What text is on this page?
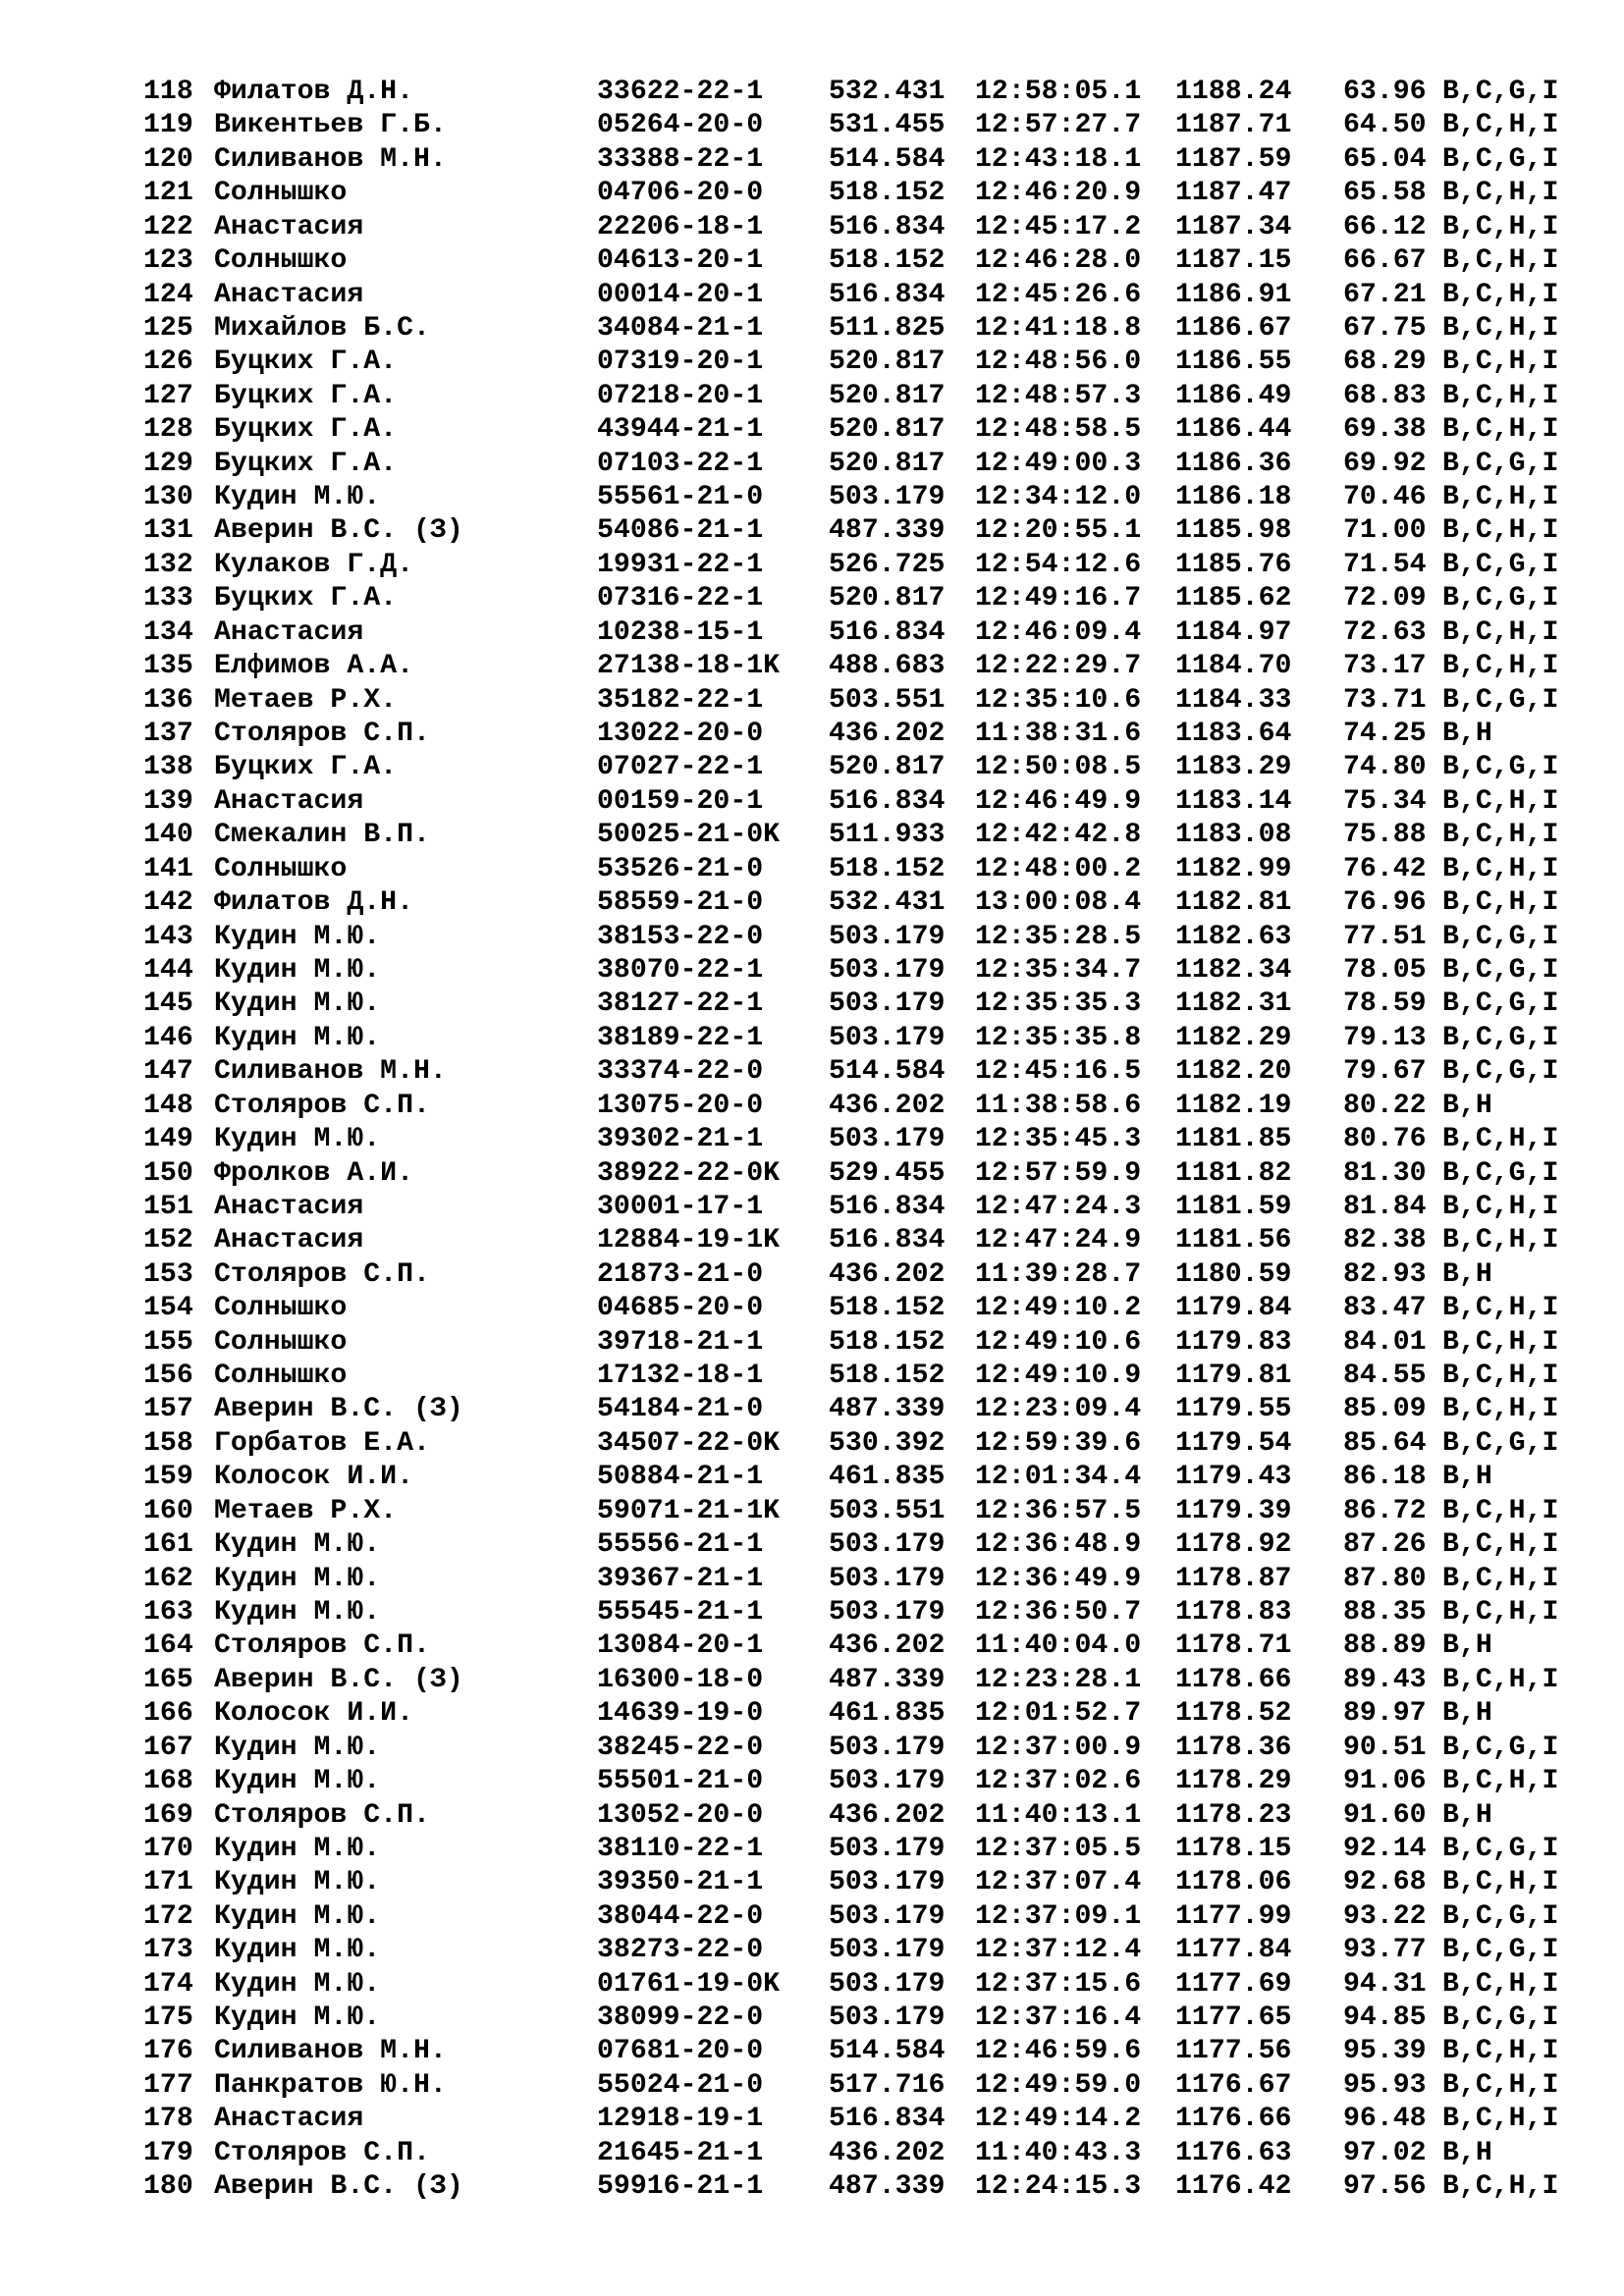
118 Филатов Д.Н.	33622-22-1 532.431 12:58:05.1 1188.24 63.96 B,C,G,I
119 Викентьев Г.Б.	05264-20-0 531.455 12:57:27.7 1187.71 64.50 B,C,H,I
120 Силиванов М.Н.	33388-22-1 514.584 12:43:18.1 1187.59 65.04 B,C,G,I
121 Солнышко	04706-20-0 518.152 12:46:20.9 1187.47 65.58 B,C,H,I
122 Анастасия	22206-18-1 516.834 12:45:17.2 1187.34 66.12 B,C,H,I
123 Солнышко	04613-20-1 518.152 12:46:28.0 1187.15 66.67 B,C,H,I
124 Анастасия	00014-20-1 516.834 12:45:26.6 1186.91 67.21 B,C,H,I
125 Михайлов Б.С.	34084-21-1 511.825 12:41:18.8 1186.67 67.75 B,C,H,I
126 Буцких Г.А.	07319-20-1 520.817 12:48:56.0 1186.55 68.29 B,C,H,I
127 Буцких Г.А.	07218-20-1 520.817 12:48:57.3 1186.49 68.83 B,C,H,I
128 Буцких Г.А.	43944-21-1 520.817 12:48:58.5 1186.44 69.38 B,C,H,I
129 Буцких Г.А.	07103-22-1 520.817 12:49:00.3 1186.36 69.92 B,C,G,I
130 Кудин М.Ю.	55561-21-0 503.179 12:34:12.0 1186.18 70.46 B,C,H,I
131 Аверин В.С. (З)	54086-21-1 487.339 12:20:55.1 1185.98 71.00 B,C,H,I
132 Кулаков Г.Д.	19931-22-1 526.725 12:54:12.6 1185.76 71.54 B,C,G,I
133 Буцких Г.А.	07316-22-1 520.817 12:49:16.7 1185.62 72.09 B,C,G,I
134 Анастасия	10238-15-1 516.834 12:46:09.4 1184.97 72.63 B,C,H,I
135 Елфимов А.А.	27138-18-1K 488.683 12:22:29.7 1184.70 73.17 B,C,H,I
136 Метаев Р.Х.	35182-22-1 503.551 12:35:10.6 1184.33 73.71 B,C,G,I
137 Столяров С.П.	13022-20-0 436.202 11:38:31.6 1183.64 74.25 B,H
138 Буцких Г.А.	07027-22-1 520.817 12:50:08.5 1183.29 74.80 B,C,G,I
139 Анастасия	00159-20-1 516.834 12:46:49.9 1183.14 75.34 B,C,H,I
140 Смекалин В.П.	50025-21-0K 511.933 12:42:42.8 1183.08 75.88 B,C,H,I
141 Солнышко	53526-21-0 518.152 12:48:00.2 1182.99 76.42 B,C,H,I
142 Филатов Д.Н.	58559-21-0 532.431 13:00:08.4 1182.81 76.96 B,C,H,I
143 Кудин М.Ю.	38153-22-0 503.179 12:35:28.5 1182.63 77.51 B,C,G,I
144 Кудин М.Ю.	38070-22-1 503.179 12:35:34.7 1182.34 78.05 B,C,G,I
145 Кудин М.Ю.	38127-22-1 503.179 12:35:35.3 1182.31 78.59 B,C,G,I
146 Кудин М.Ю.	38189-22-1 503.179 12:35:35.8 1182.29 79.13 B,C,G,I
147 Силиванов М.Н.	33374-22-0 514.584 12:45:16.5 1182.20 79.67 B,C,G,I
148 Столяров С.П.	13075-20-0 436.202 11:38:58.6 1182.19 80.22 B,H
149 Кудин М.Ю.	39302-21-1 503.179 12:35:45.3 1181.85 80.76 B,C,H,I
150 Фролков А.И.	38922-22-0K 529.455 12:57:59.9 1181.82 81.30 B,C,G,I
151 Анастасия	30001-17-1 516.834 12:47:24.3 1181.59 81.84 B,C,H,I
152 Анастасия	12884-19-1K 516.834 12:47:24.9 1181.56 82.38 B,C,H,I
153 Столяров С.П.	21873-21-0 436.202 11:39:28.7 1180.59 82.93 B,H
154 Солнышко	04685-20-0 518.152 12:49:10.2 1179.84 83.47 B,C,H,I
155 Солнышко	39718-21-1 518.152 12:49:10.6 1179.83 84.01 B,C,H,I
156 Солнышко	17132-18-1 518.152 12:49:10.9 1179.81 84.55 B,C,H,I
157 Аверин В.С. (З)	54184-21-0 487.339 12:23:09.4 1179.55 85.09 B,C,H,I
158 Горбатов Е.А.	34507-22-0K 530.392 12:59:39.6 1179.54 85.64 B,C,G,I
159 Колосок И.И.	50884-21-1 461.835 12:01:34.4 1179.43 86.18 B,H
160 Метаев Р.Х.	59071-21-1K 503.551 12:36:57.5 1179.39 86.72 B,C,H,I
161 Кудин М.Ю.	55556-21-1 503.179 12:36:48.9 1178.92 87.26 B,C,H,I
162 Кудин М.Ю.	39367-21-1 503.179 12:36:49.9 1178.87 87.80 B,C,H,I
163 Кудин М.Ю.	55545-21-1 503.179 12:36:50.7 1178.83 88.35 B,C,H,I
164 Столяров С.П.	13084-20-1 436.202 11:40:04.0 1178.71 88.89 B,H
165 Аверин В.С. (З)	16300-18-0 487.339 12:23:28.1 1178.66 89.43 B,C,H,I
166 Колосок И.И.	14639-19-0 461.835 12:01:52.7 1178.52 89.97 B,H
167 Кудин М.Ю.	38245-22-0 503.179 12:37:00.9 1178.36 90.51 B,C,G,I
168 Кудин М.Ю.	55501-21-0 503.179 12:37:02.6 1178.29 91.06 B,C,H,I
169 Столяров С.П.	13052-20-0 436.202 11:40:13.1 1178.23 91.60 B,H
170 Кудин М.Ю.	38110-22-1 503.179 12:37:05.5 1178.15 92.14 B,C,G,I
171 Кудин М.Ю.	39350-21-1 503.179 12:37:07.4 1178.06 92.68 B,C,H,I
172 Кудин М.Ю.	38044-22-0 503.179 12:37:09.1 1177.99 93.22 B,C,G,I
173 Кудин М.Ю.	38273-22-0 503.179 12:37:12.4 1177.84 93.77 B,C,G,I
174 Кудин М.Ю.	01761-19-0K 503.179 12:37:15.6 1177.69 94.31 B,C,H,I
175 Кудин М.Ю.	38099-22-0 503.179 12:37:16.4 1177.65 94.85 B,C,G,I
176 Силиванов М.Н.	07681-20-0 514.584 12:46:59.6 1177.56 95.39 B,C,H,I
177 Панкратов Ю.Н.	55024-21-0 517.716 12:49:59.0 1176.67 95.93 B,C,H,I
178 Анастасия	12918-19-1 516.834 12:49:14.2 1176.66 96.48 B,C,H,I
179 Столяров С.П.	21645-21-1 436.202 11:40:43.3 1176.63 97.02 B,H
180 Аверин В.С. (З)	59916-21-1 487.339 12:24:15.3 1176.42 97.56 B,C,H,I
